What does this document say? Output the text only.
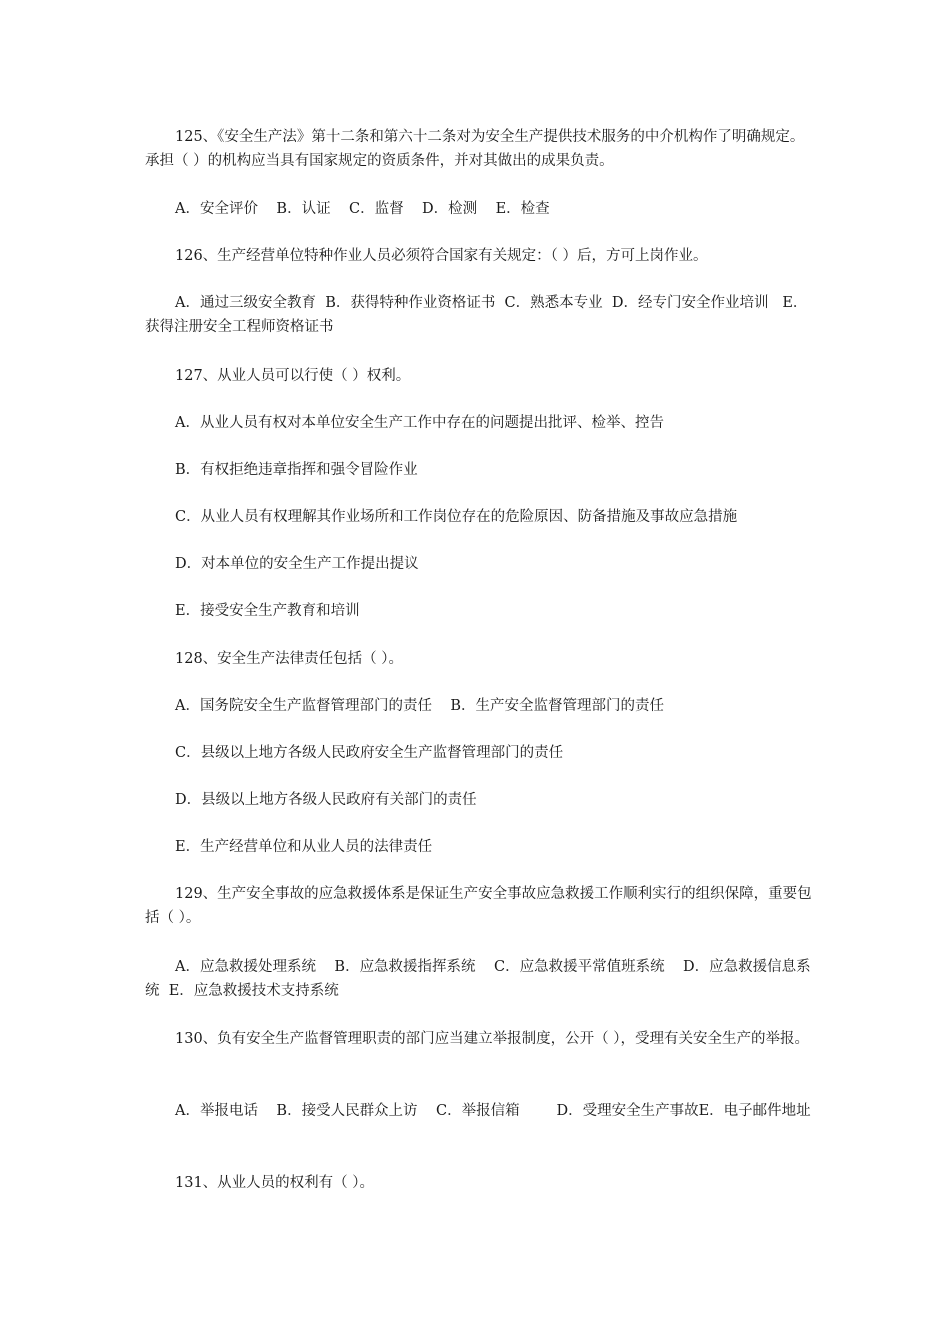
125、《安全生产法》第十二条和第六十二条对为安全生产提供技术服务的中介机构作了明确规定。承担（ ）的机构应当具有国家规定的资质条件，并对其做出的成果负责。

A．安全评价    B．认证    C．监督    D．检测    E．检查

126、生产经营单位特种作业人员必须符合国家有关规定：（ ）后，方可上岗作业。

A．通过三级安全教育  B．获得特种作业资格证书  C．熟悉本专业  D．经专门安全作业培训   E．获得注册安全工程师资格证书

127、从业人员可以行使（ ）权利。

A．从业人员有权对本单位安全生产工作中存在的问题提出批评、检举、控告

B．有权拒绝违章指挥和强令冒险作业

C．从业人员有权理解其作业场所和工作岗位存在的危险原因、防备措施及事故应急措施

D．对本单位的安全生产工作提出提议

E．接受安全生产教育和培训

128、安全生产法律责任包括（ ）。

A．国务院安全生产监督管理部门的责任    B．生产安全监督管理部门的责任

C．县级以上地方各级人民政府安全生产监督管理部门的责任

D．县级以上地方各级人民政府有关部门的责任

E．生产经营单位和从业人员的法律责任

129、生产安全事故的应急救援体系是保证生产安全事故应急救援工作顺利实行的组织保障，重要包括（ ）。

A．应急救援处理系统    B．应急救援指挥系统    C．应急救援平常值班系统    D．应急救援信息系统  E．应急救援技术支持系统

130、负有安全生产监督管理职责的部门应当建立举报制度，公开（ ），受理有关安全生产的举报。

A．举报电话    B．接受人民群众上访    C．举报信箱        D．受理安全生产事故E．电子邮件地址

131、从业人员的权利有（ ）。
